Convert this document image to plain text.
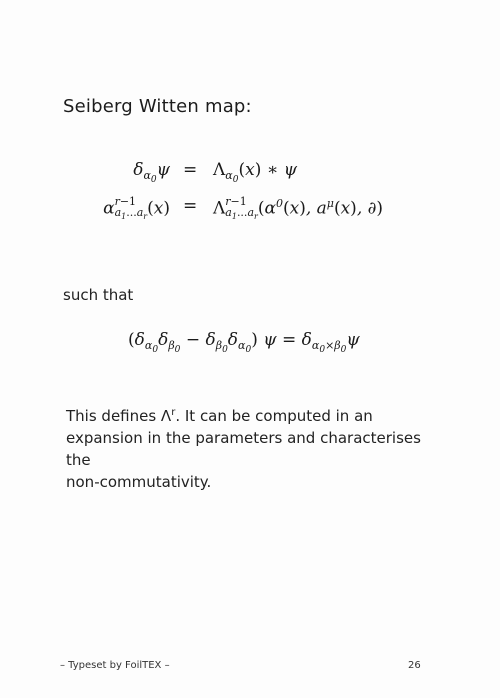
Seiberg Witten map:
$\delta_{\alpha_0}\psi = \Lambda_{\alpha_0}(x)$ ∗ ψ
α r−1
$a_1...a_r$ (x) = Λ r−1
$a_1...a_r$ ($\alpha^0(x)$, $a^\mu(x)$, ∂)
such that
$(\delta_{\alpha_0}\delta_{\beta_0} - \delta_{\beta_0}\delta_{\alpha_0}) \psi = \delta_{\alpha_0\times\beta_0}\psi$
This defines $\Lambda^r$. It can be computed in an
expansion in the parameters and characterises the
non-commutativity.
– Typeset by FoilTEX –	26
